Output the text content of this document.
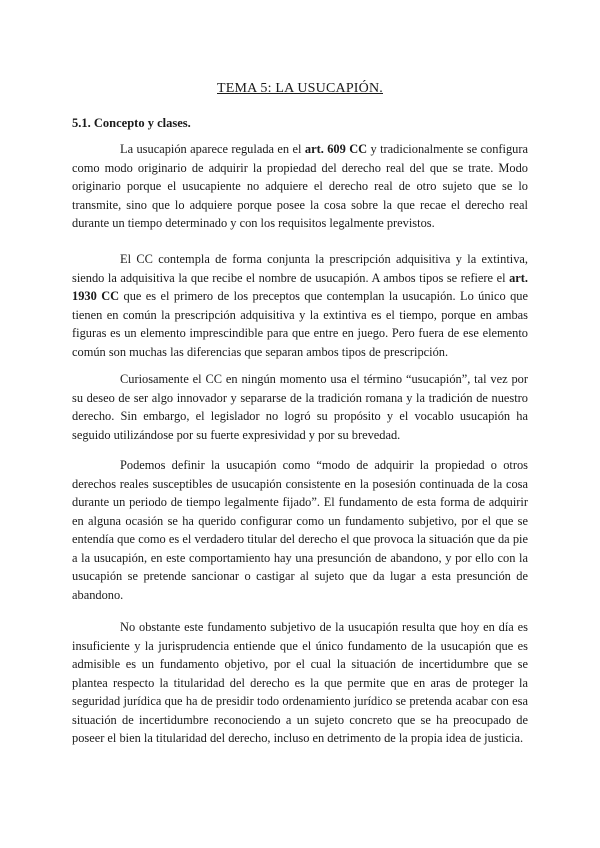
TEMA 5: LA USUCAPIÓN.
5.1. Concepto y clases.

La usucapión aparece regulada en el art. 609 CC y tradicionalmente se configura como modo originario de adquirir la propiedad del derecho real del que se trate. Modo originario porque el usucapiente no adquiere el derecho real de otro sujeto que se lo transmite, sino que lo adquiere porque posee la cosa sobre la que recae el derecho real durante un tiempo determinado y con los requisitos legalmente previstos.

El CC contempla de forma conjunta la prescripción adquisitiva y la extintiva, siendo la adquisitiva la que recibe el nombre de usucapión. A ambos tipos se refiere el art. 1930 CC que es el primero de los preceptos que contemplan la usucapión. Lo único que tienen en común la prescripción adquisitiva y la extintiva es el tiempo, porque en ambas figuras es un elemento imprescindible para que entre en juego. Pero fuera de ese elemento común son muchas las diferencias que separan ambos tipos de prescripción.

Curiosamente el CC en ningún momento usa el término “usucapión”, tal vez por su deseo de ser algo innovador y separarse de la tradición romana y la tradición de nuestro derecho. Sin embargo, el legislador no logró su propósito y el vocablo usucapión ha seguido utilizándose por su fuerte expresividad y por su brevedad.

Podemos definir la usucapión como “modo de adquirir la propiedad o otros derechos reales susceptibles de usucapión consistente en la posesión continuada de la cosa durante un periodo de tiempo legalmente fijado”. El fundamento de esta forma de adquirir en alguna ocasión se ha querido configurar como un fundamento subjetivo, por el que se entendía que como es el verdadero titular del derecho el que provoca la situación que da pie a la usucapión, en este comportamiento hay una presunción de abandono, y por ello con la usucapión se pretende sancionar o castigar al sujeto que da lugar a esta presunción de abandono.

No obstante este fundamento subjetivo de la usucapión resulta que hoy en día es insuficiente y la jurisprudencia entiende que el único fundamento de la usucapión que es admisible es un fundamento objetivo, por el cual la situación de incertidumbre que se plantea respecto la titularidad del derecho es la que permite que en aras de proteger la seguridad jurídica que ha de presidir todo ordenamiento jurídico se pretenda acabar con esa situación de incertidumbre reconociendo a un sujeto concreto que se ha preocupado de poseer el bien la titularidad del derecho, incluso en detrimento de la propia idea de justicia.
